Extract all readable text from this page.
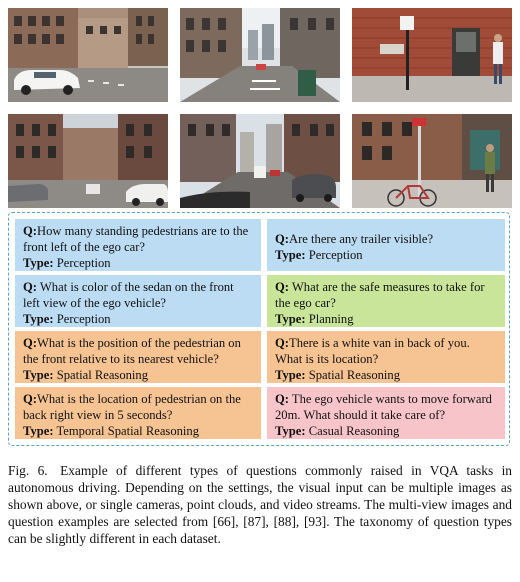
Q:How many standing pedestrians are to the front left of the ego car?
Type: Perception
Q:Are there any trailer visible?
Type: Perception
Q: What is color of the sedan on the front left view of the ego vehicle?
Type: Perception
Q: What are the safe measures to take for the ego car?
Type: Planning
Q:What is the position of the pedestrian on the front relative to its nearest vehicle?
Type: Spatial Reasoning
Q:There is a white van in back of you. What is its location?
Type: Spatial Reasoning
Q:What is the location of pedestrian on the back right view in 5 seconds?
Type: Temporal Spatial Reasoning
Q: The ego vehicle wants to move forward 20m. What should it take care of?
Type: Casual Reasoning
Fig. 6. Example of different types of questions commonly raised in VQA tasks in autonomous driving. Depending on the settings, the visual input can be multiple images as shown above, or single cameras, point clouds, and video streams. The multi-view images and question examples are selected from [66], [87], [88], [93]. The taxonomy of question types can be slightly different in each dataset.
